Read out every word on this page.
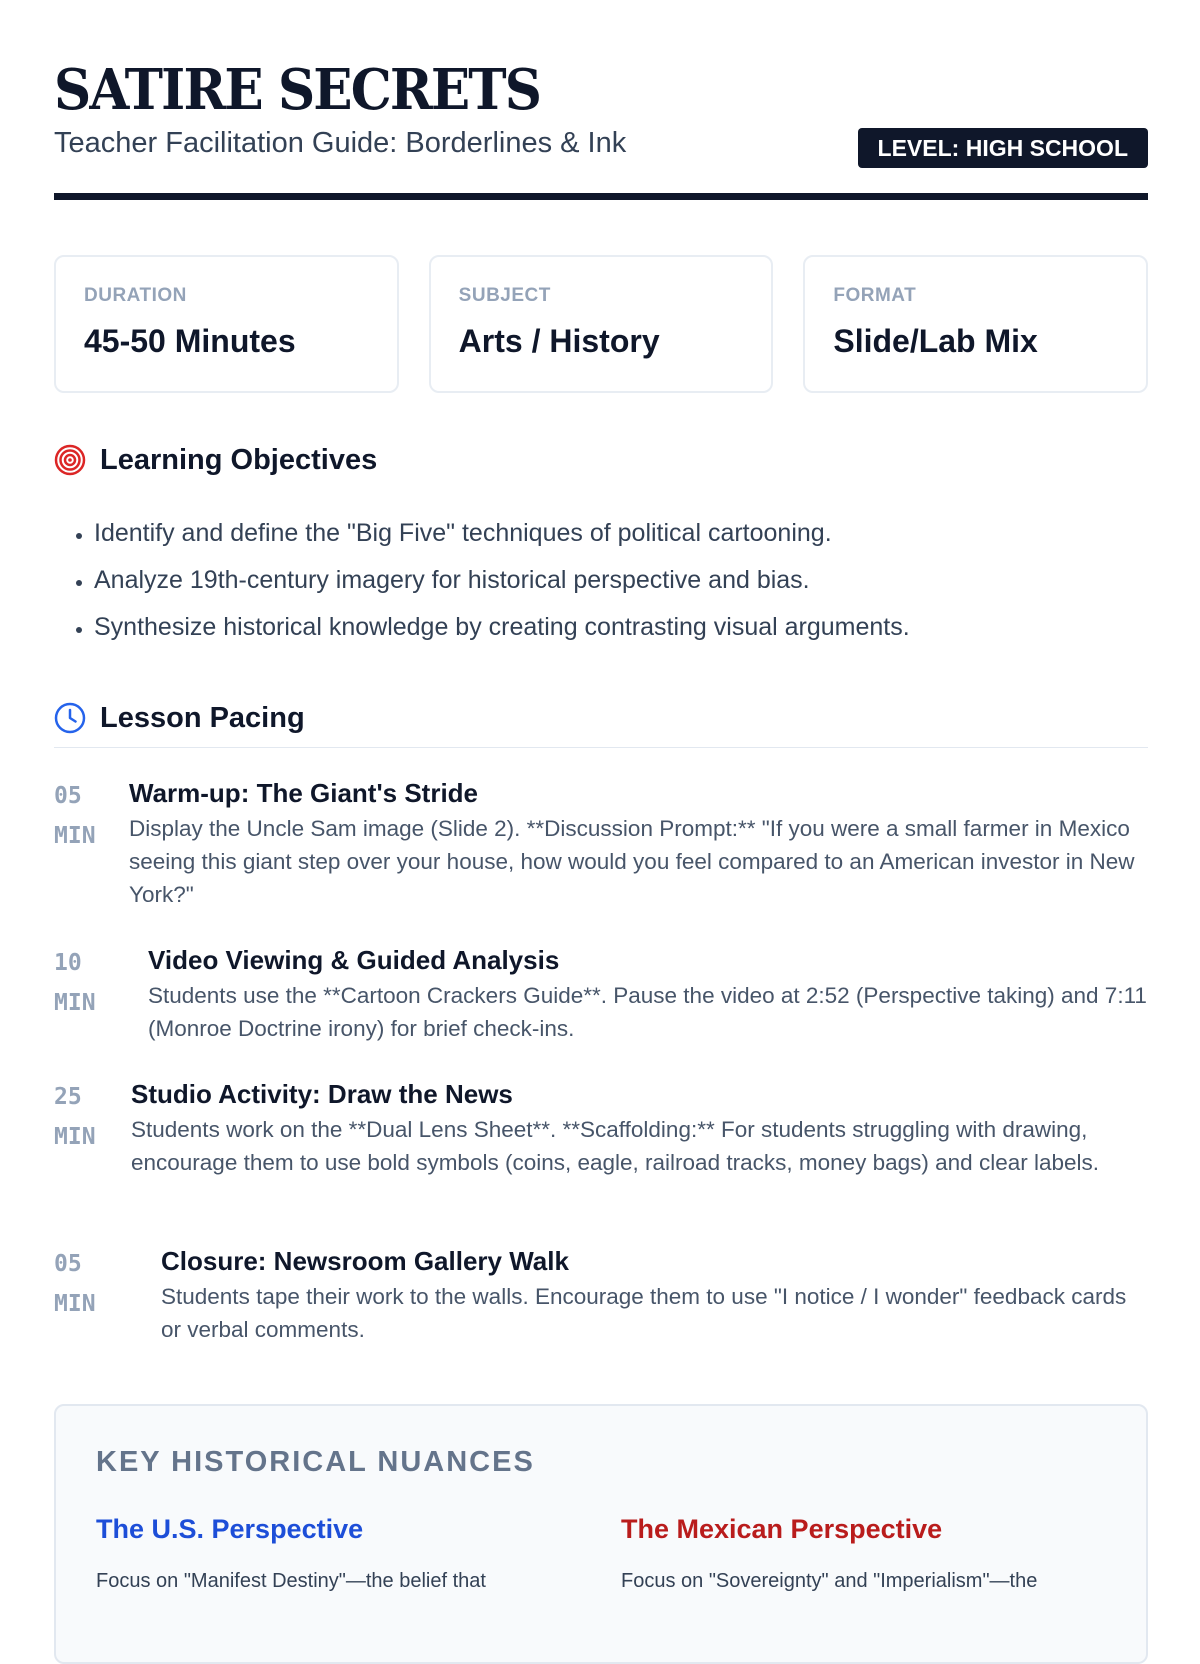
SATIRE SECRETS
Teacher Facilitation Guide: Borderlines & Ink	LEVEL: HIGH SCHOOL
DURATION
45-50 Minutes
SUBJECT
Arts / History
FORMAT
Slide/Lab Mix
Learning Objectives
• Identify and define the "Big Five" techniques of political cartooning.
• Analyze 19th-century imagery for historical perspective and bias.
• Synthesize historical knowledge by creating contrasting visual arguments.
Lesson Pacing
05
MIN
Warm-up: The Giant's Stride
Display the Uncle Sam image (Slide 2). **Discussion Prompt:** "If you were a small farmer in Mexico seeing this giant step over your house, how would you feel compared to an American investor in New York?"
10
MIN
Video Viewing & Guided Analysis
Students use the **Cartoon Crackers Guide**. Pause the video at 2:52 (Perspective taking) and 7:11 (Monroe Doctrine irony) for brief check-ins.
25
MIN
Studio Activity: Draw the News
Students work on the **Dual Lens Sheet**. **Scaffolding:** For students struggling with drawing, encourage them to use bold symbols (coins, eagle, railroad tracks, money bags) and clear labels.
05
MIN
Closure: Newsroom Gallery Walk
Students tape their work to the walls. Encourage them to use "I notice / I wonder" feedback cards or verbal comments.
KEY HISTORICAL NUANCES
The U.S. Perspective
Focus on "Manifest Destiny"—the belief that
The Mexican Perspective
Focus on "Sovereignty" and "Imperialism"—the
